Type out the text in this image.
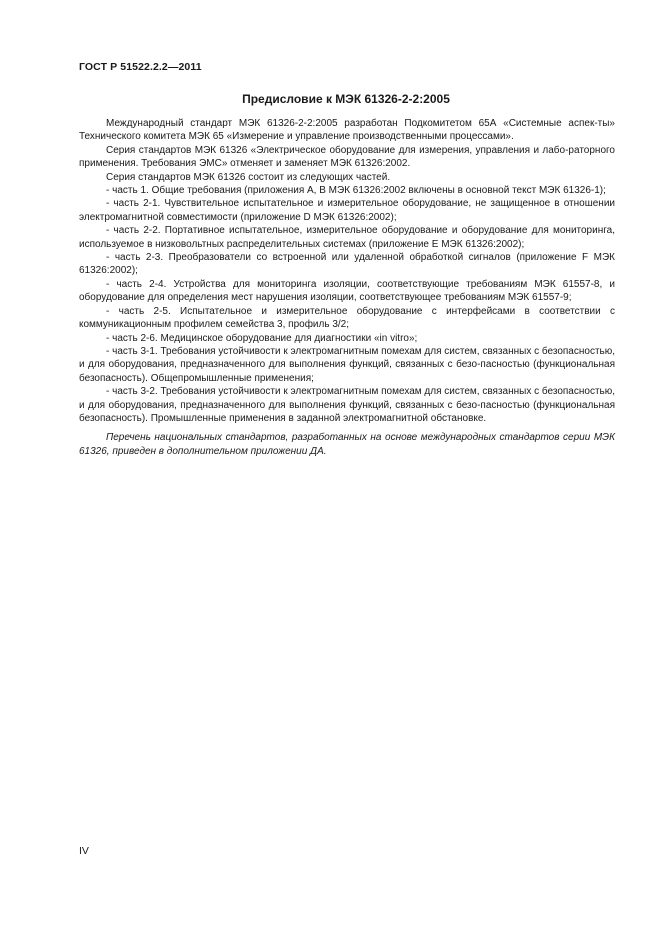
ГОСТ Р 51522.2.2—2011
Предисловие к МЭК 61326-2-2:2005

Международный стандарт МЭК 61326-2-2:2005 разработан Подкомитетом 65А «Системные аспек-ты» Технического комитета МЭК 65 «Измерение и управление производственными процессами».

Серия стандартов МЭК 61326 «Электрическое оборудование для измерения, управления и лабо-раторного применения. Требования ЭМС» отменяет и заменяет МЭК 61326:2002.

Серия стандартов МЭК 61326 состоит из следующих частей.

- часть 1. Общие требования (приложения А, В МЭК 61326:2002 включены в основной текст МЭК 61326-1);

- часть 2-1. Чувствительное испытательное и измерительное оборудование, не защищенное в отношении электромагнитной совместимости (приложение D МЭК 61326:2002);

- часть 2-2. Портативное испытательное, измерительное оборудование и оборудование для мониторинга, используемое в низковольтных распределительных системах (приложение Е МЭК 61326:2002);

- часть 2-3. Преобразователи со встроенной или удаленной обработкой сигналов (приложение F МЭК 61326:2002);

- часть 2-4. Устройства для мониторинга изоляции, соответствующие требованиям МЭК 61557-8, и оборудование для определения мест нарушения изоляции, соответствующее требованиям МЭК 61557-9;

- часть 2-5. Испытательное и измерительное оборудование с интерфейсами в соответствии с коммуникационным профилем семейства 3, профиль 3/2;

- часть 2-6. Медицинское оборудование для диагностики «in vitro»;

- часть 3-1. Требования устойчивости к электромагнитным помехам для систем, связанных с безопасностью, и для оборудования, предназначенного для выполнения функций, связанных с безо-пасностью (функциональная безопасность). Общепромышленные применения;

- часть 3-2. Требования устойчивости к электромагнитным помехам для систем, связанных с безопасностью, и для оборудования, предназначенного для выполнения функций, связанных с безо-пасностью (функциональная безопасность). Промышленные применения в заданной электромагнитной обстановке.

Перечень национальных стандартов, разработанных на основе международных стандартов серии МЭК 61326, приведен в дополнительном приложении ДА.

IV
